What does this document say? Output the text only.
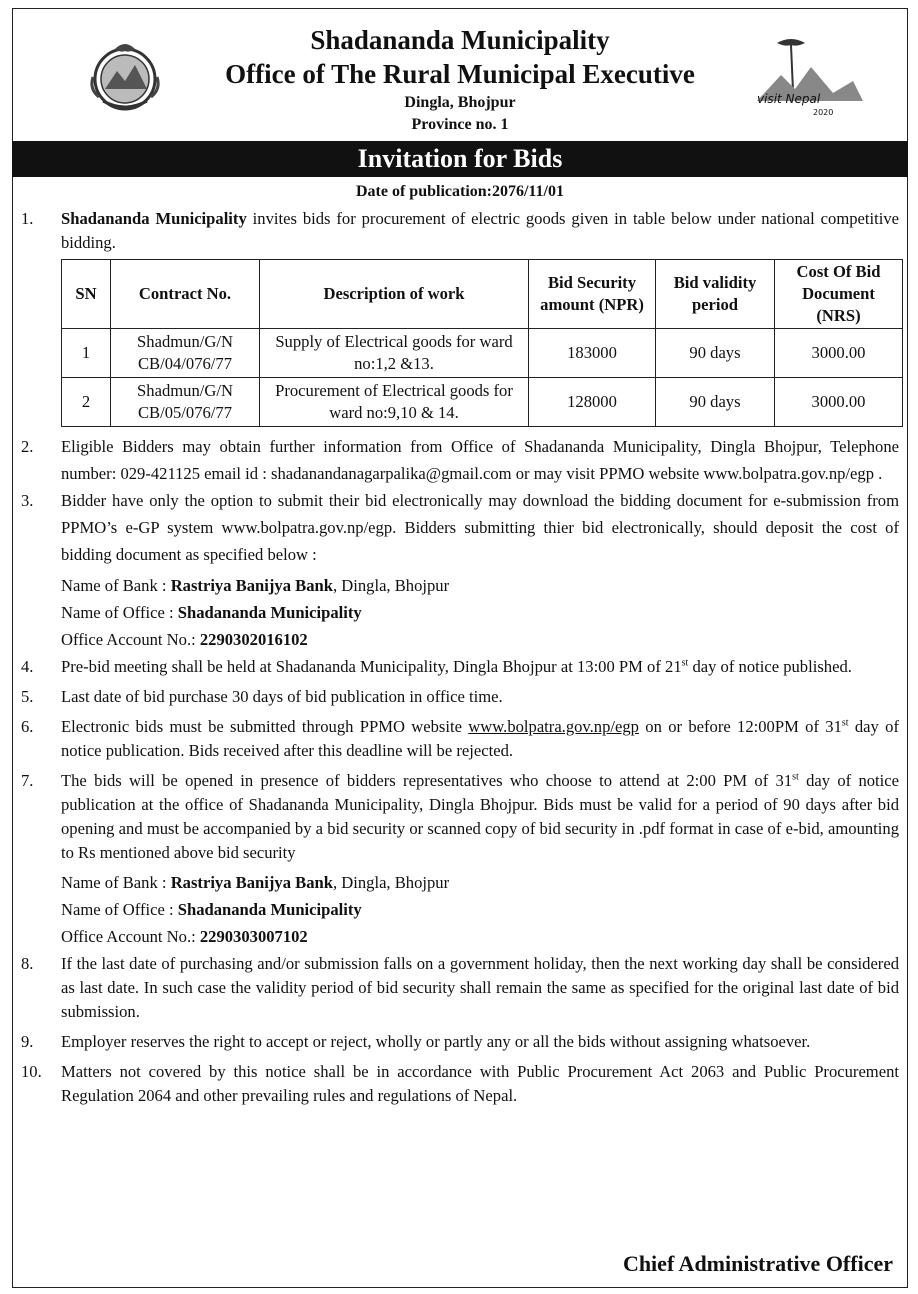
Shadananda Municipality
Office of The Rural Municipal Executive
Dingla, Bhojpur
Province no. 1
visit Nepal
2020
Invitation for Bids
Date of publication:2076/11/01
1.	Shadananda Municipality invites bids for procurement of electric goods given in table below under national competitive bidding.
SN	Contract No.	Description of work	Bid Security amount (NPR)	Bid validity period	Cost Of Bid Document (NRS)
1	Shadmun/G/N CB/04/076/77	Supply of Electrical goods for ward no:1,2 &13.	183000	90 days	3000.00
2	Shadmun/G/N CB/05/076/77	Procurement of Electrical goods for ward no:9,10 & 14.	128000	90 days	3000.00
2.	Eligible Bidders may obtain further information from Office of Shadananda Municipality, Dingla Bhojpur, Telephone number: 029-421125 email id : shadanandanagarpalika@gmail.com or may visit PPMO website www.bolpatra.gov.np/egp .
3.	Bidder have only the option to submit their bid electronically may download the bidding document for e-submission from PPMO’s e-GP system www.bolpatra.gov.np/egp. Bidders submitting thier bid electronically, should deposit the cost of bidding document as specified below :
Name of Bank : Rastriya Banijya Bank, Dingla, Bhojpur
Name of Office : Shadananda Municipality
Office Account No.: 2290302016102
4.	Pre-bid meeting shall be held at Shadananda Municipality, Dingla Bhojpur at 13:00 PM of 21st day of notice published.
5.	Last date of bid purchase 30 days of bid publication in office time.
6.	Electronic bids must be submitted through PPMO website www.bolpatra.gov.np/egp on or before 12:00PM of 31st day of notice publication. Bids received after this deadline will be rejected.
7.	The bids will be opened in presence of bidders representatives who choose to attend at 2:00 PM of 31st day of notice publication at the office of Shadananda Municipality, Dingla Bhojpur. Bids must be valid for a period of 90 days after bid opening and must be accompanied by a bid security or scanned copy of bid security in .pdf format in case of e-bid, amounting to Rs mentioned above bid security
Name of Bank : Rastriya Banijya Bank, Dingla, Bhojpur
Name of Office : Shadananda Municipality
Office Account No.: 2290303007102
8.	If the last date of purchasing and/or submission falls on a government holiday, then the next working day shall be considered as last date. In such case the validity period of bid security shall remain the same as specified for the original last date of bid submission.
9.	Employer reserves the right to accept or reject, wholly or partly any or all the bids without assigning whatsoever.
10.	Matters not covered by this notice shall be in accordance with Public Procurement Act 2063 and Public Procurement Regulation 2064 and other prevailing rules and regulations of Nepal.
Chief Administrative Officer
